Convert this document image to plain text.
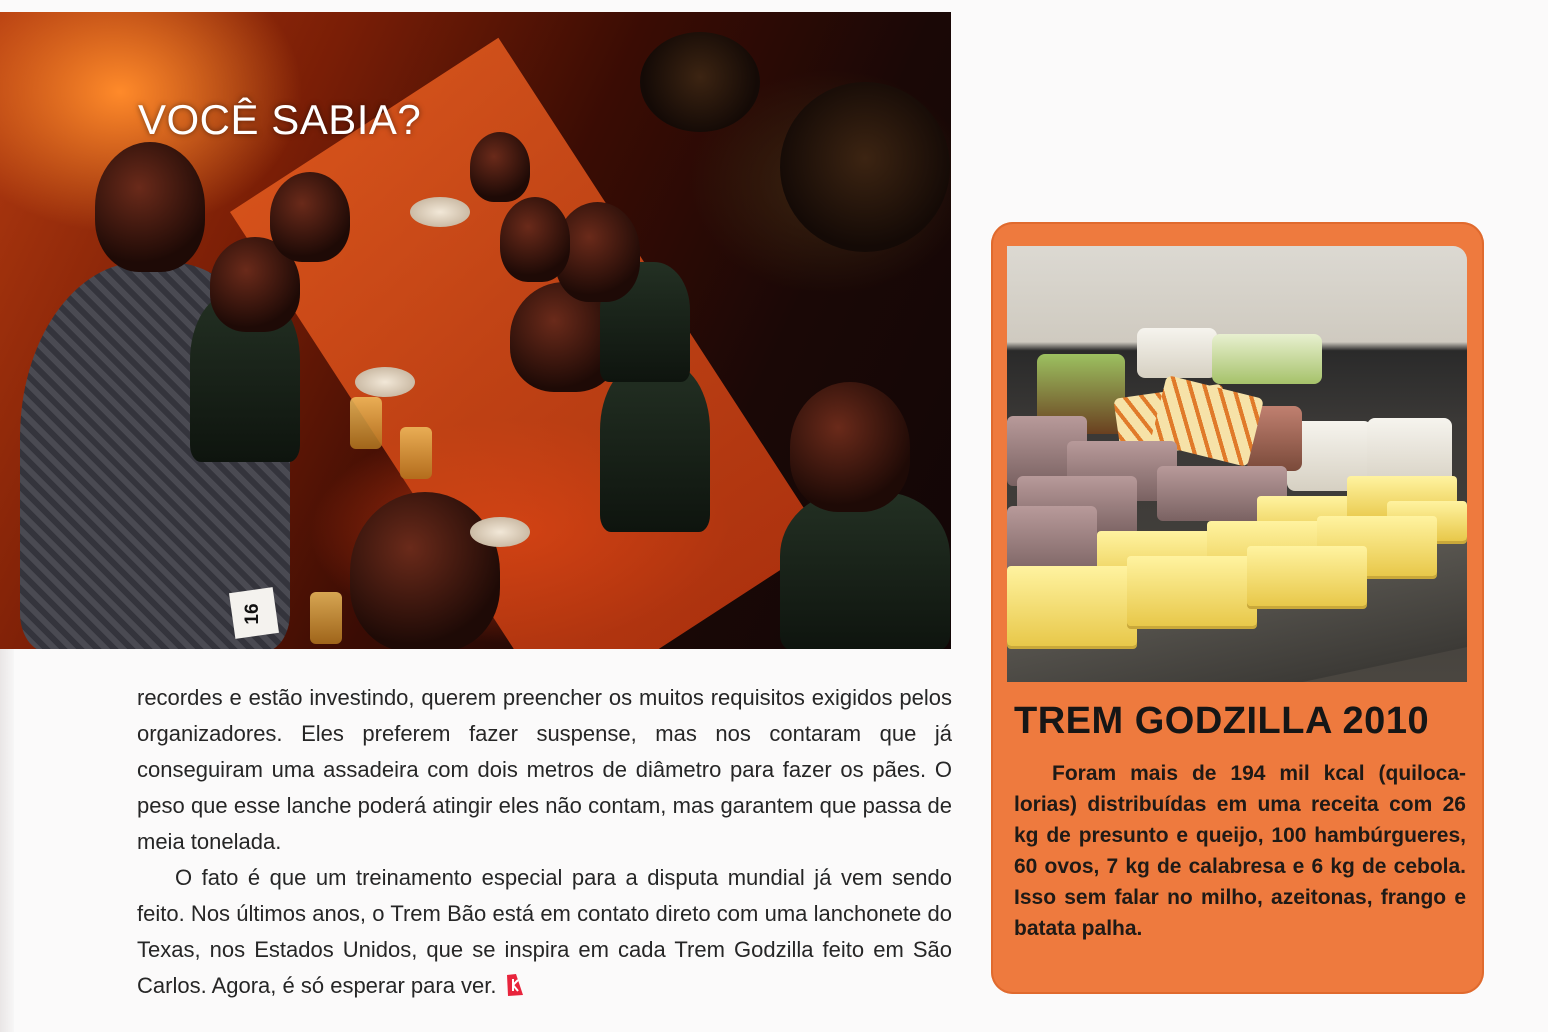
16
VOCÊ SABIA?

recordes e estão investindo, querem preencher os muitos requisitos exigidos pelos organizadores. Eles preferem fazer suspense, mas nos contaram que já conseguiram uma assadeira com dois metros de diâmetro para fazer os pães. O peso que esse lanche poderá atingir eles não contam, mas garantem que passa de meia tonelada.

O fato é que um treinamento especial para a disputa mundial já vem sendo feito. Nos últimos anos, o Trem Bão está em contato direto com uma lanchonete do Texas, nos Estados Unidos, que se inspira em cada Trem Godzilla feito em São Carlos. Agora, é só esperar para ver.

TREM GODZILLA 2010
Foram mais de 194 mil kcal (quilocalorias) distribuídas em uma receita com 26 kg de presunto e queijo, 100 hambúrgueres, 60 ovos, 7 kg de calabresa e 6 kg de cebola. Isso sem falar no milho, azeitonas, frango e batata palha.
